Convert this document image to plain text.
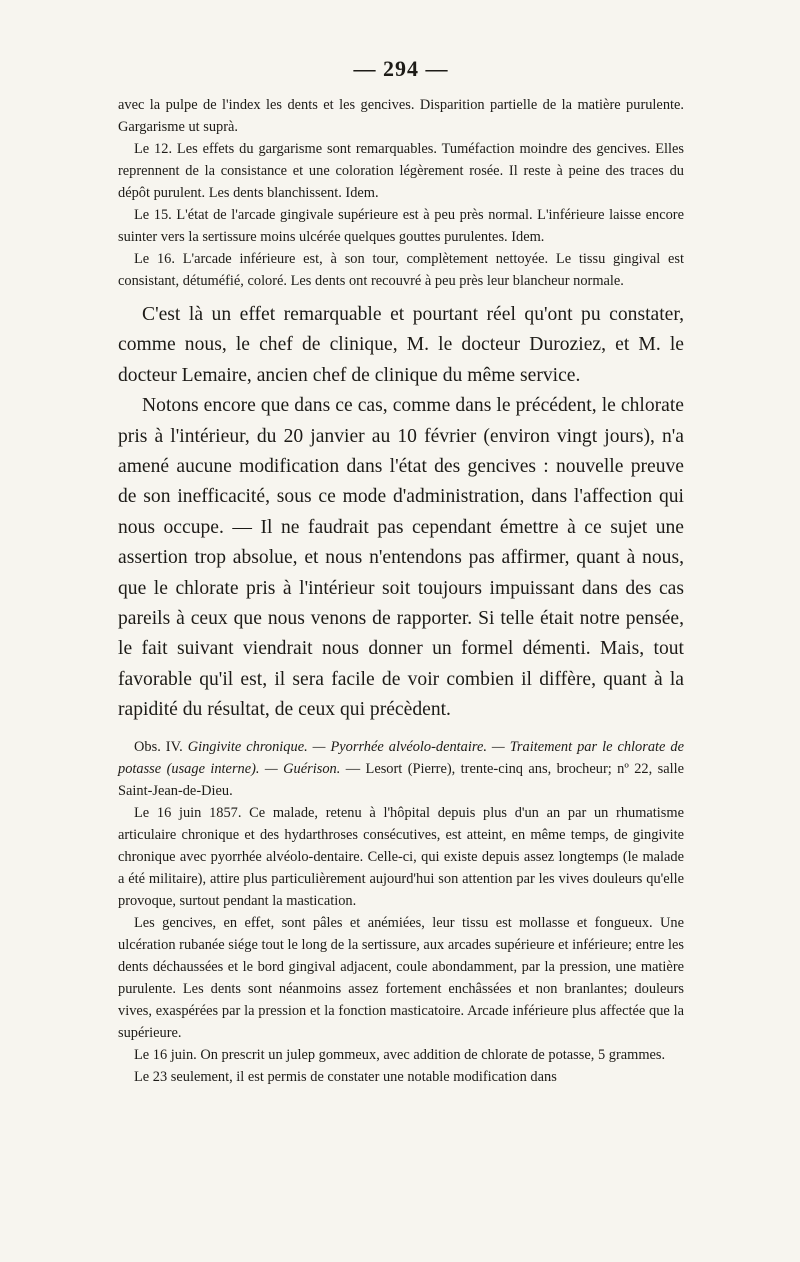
— 294 —

avec la pulpe de l'index les dents et les gencives. Disparition partielle de la matière purulente. Gargarisme ut suprà.

Le 12. Les effets du gargarisme sont remarquables. Tuméfaction moindre des gencives. Elles reprennent de la consistance et une coloration légèrement rosée. Il reste à peine des traces du dépôt purulent. Les dents blanchissent. Idem.

Le 15. L'état de l'arcade gingivale supérieure est à peu près normal. L'inférieure laisse encore suinter vers la sertissure moins ulcérée quelques gouttes purulentes. Idem.

Le 16. L'arcade inférieure est, à son tour, complètement nettoyée. Le tissu gingival est consistant, détuméfié, coloré. Les dents ont recouvré à peu près leur blancheur normale.

C'est là un effet remarquable et pourtant réel qu'ont pu constater, comme nous, le chef de clinique, M. le docteur Duroziez, et M. le docteur Lemaire, ancien chef de clinique du même service.

Notons encore que dans ce cas, comme dans le précédent, le chlorate pris à l'intérieur, du 20 janvier au 10 février (environ vingt jours), n'a amené aucune modification dans l'état des gencives : nouvelle preuve de son inefficacité, sous ce mode d'administration, dans l'affection qui nous occupe. — Il ne faudrait pas cependant émettre à ce sujet une assertion trop absolue, et nous n'entendons pas affirmer, quant à nous, que le chlorate pris à l'intérieur soit toujours impuissant dans des cas pareils à ceux que nous venons de rapporter. Si telle était notre pensée, le fait suivant viendrait nous donner un formel démenti. Mais, tout favorable qu'il est, il sera facile de voir combien il diffère, quant à la rapidité du résultat, de ceux qui précèdent.

Obs. IV. Gingivite chronique. — Pyorrhée alvéolo-dentaire. — Traitement par le chlorate de potasse (usage interne). — Guérison. — Lesort (Pierre), trente-cinq ans, brocheur; nº 22, salle Saint-Jean-de-Dieu.

Le 16 juin 1857. Ce malade, retenu à l'hôpital depuis plus d'un an par un rhumatisme articulaire chronique et des hydarthroses consécutives, est atteint, en même temps, de gingivite chronique avec pyorrhée alvéolo-dentaire. Celle-ci, qui existe depuis assez longtemps (le malade a été militaire), attire plus particulièrement aujourd'hui son attention par les vives douleurs qu'elle provoque, surtout pendant la mastication.

Les gencives, en effet, sont pâles et anémiées, leur tissu est mollasse et fongueux. Une ulcération rubanée siége tout le long de la sertissure, aux arcades supérieure et inférieure; entre les dents déchaussées et le bord gingival adjacent, coule abondamment, par la pression, une matière purulente. Les dents sont néanmoins assez fortement enchâssées et non branlantes; douleurs vives, exaspérées par la pression et la fonction masticatoire. Arcade inférieure plus affectée que la supérieure.

Le 16 juin. On prescrit un julep gommeux, avec addition de chlorate de potasse, 5 grammes.

Le 23 seulement, il est permis de constater une notable modification dans
